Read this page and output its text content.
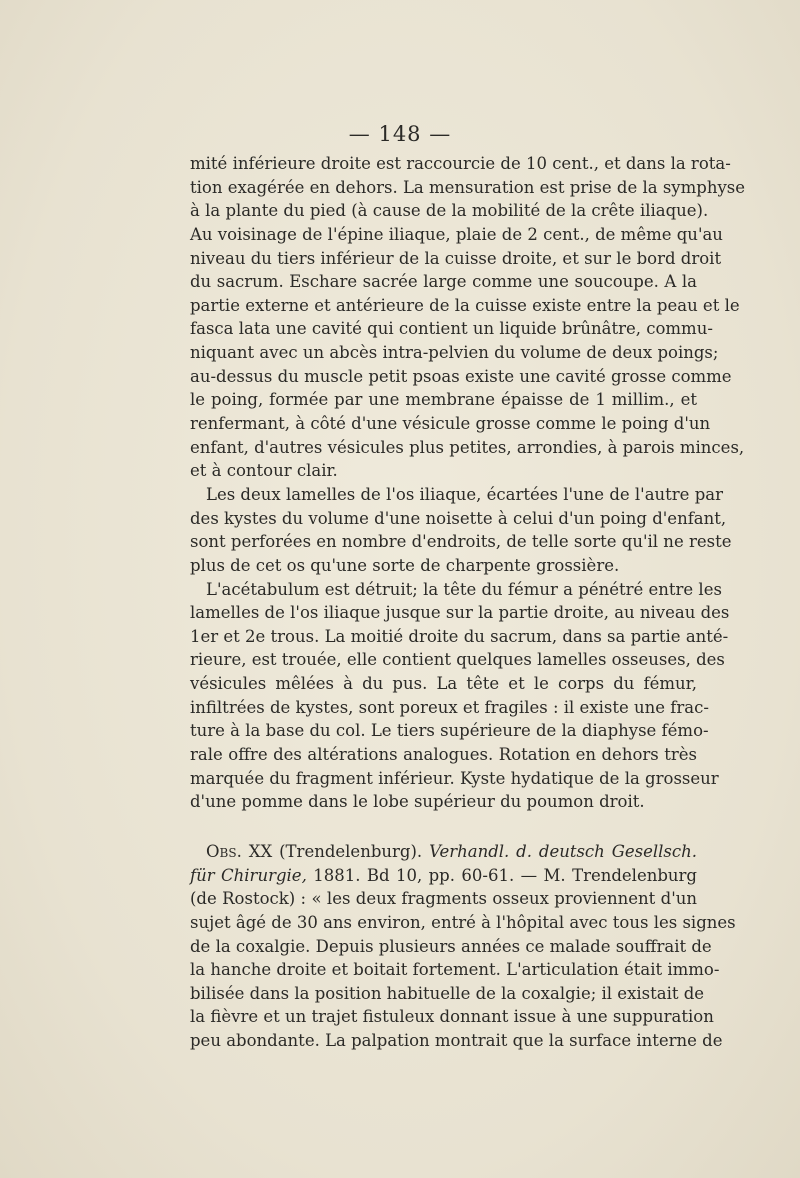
— 148 —
mité inférieure droite est raccourcie de 10 cent., et dans la rota-
tion exagérée en dehors. La mensuration est prise de la symphyse
à la plante du pied (à cause de la mobilité de la crête iliaque).
Au voisinage de l'épine iliaque, plaie de 2 cent., de même qu'au
niveau du tiers inférieur de la cuisse droite, et sur le bord droit
du sacrum. Eschare sacrée large comme une soucoupe. A la
partie externe et antérieure de la cuisse existe entre la peau et le
fasca lata une cavité qui contient un liquide brûnâtre, commu-
niquant avec un abcès intra-pelvien du volume de deux poings;
au-dessus du muscle petit psoas existe une cavité grosse comme
le poing, formée par une membrane épaisse de 1 millim., et
renfermant, à côté d'une vésicule grosse comme le poing d'un
enfant, d'autres vésicules plus petites, arrondies, à parois minces,
et à contour clair.
Les deux lamelles de l'os iliaque, écartées l'une de l'autre par
des kystes du volume d'une noisette à celui d'un poing d'enfant,
sont perforées en nombre d'endroits, de telle sorte qu'il ne reste
plus de cet os qu'une sorte de charpente grossière.
L'acétabulum est détruit; la tête du fémur a pénétré entre les
lamelles de l'os iliaque jusque sur la partie droite, au niveau des
1er et 2e trous. La moitié droite du sacrum, dans sa partie anté-
rieure, est trouée, elle contient quelques lamelles osseuses, des
vésicules mêlées à du pus. La tête et le corps du fémur,
infiltrées de kystes, sont poreux et fragiles : il existe une frac-
ture à la base du col. Le tiers supérieure de la diaphyse fémo-
rale offre des altérations analogues. Rotation en dehors très
marquée du fragment inférieur. Kyste hydatique de la grosseur
d'une pomme dans le lobe supérieur du poumon droit.
Obs. XX (Trendelenburg). Verhandl. d. deutsch Gesellsch.
für Chirurgie, 1881. Bd 10, pp. 60-61. — M. Trendelenburg
(de Rostock) : « les deux fragments osseux proviennent d'un
sujet âgé de 30 ans environ, entré à l'hôpital avec tous les signes
de la coxalgie. Depuis plusieurs années ce malade souffrait de
la hanche droite et boitait fortement. L'articulation était immo-
bilisée dans la position habituelle de la coxalgie; il existait de
la fièvre et un trajet fistuleux donnant issue à une suppuration
peu abondante. La palpation montrait que la surface interne de
